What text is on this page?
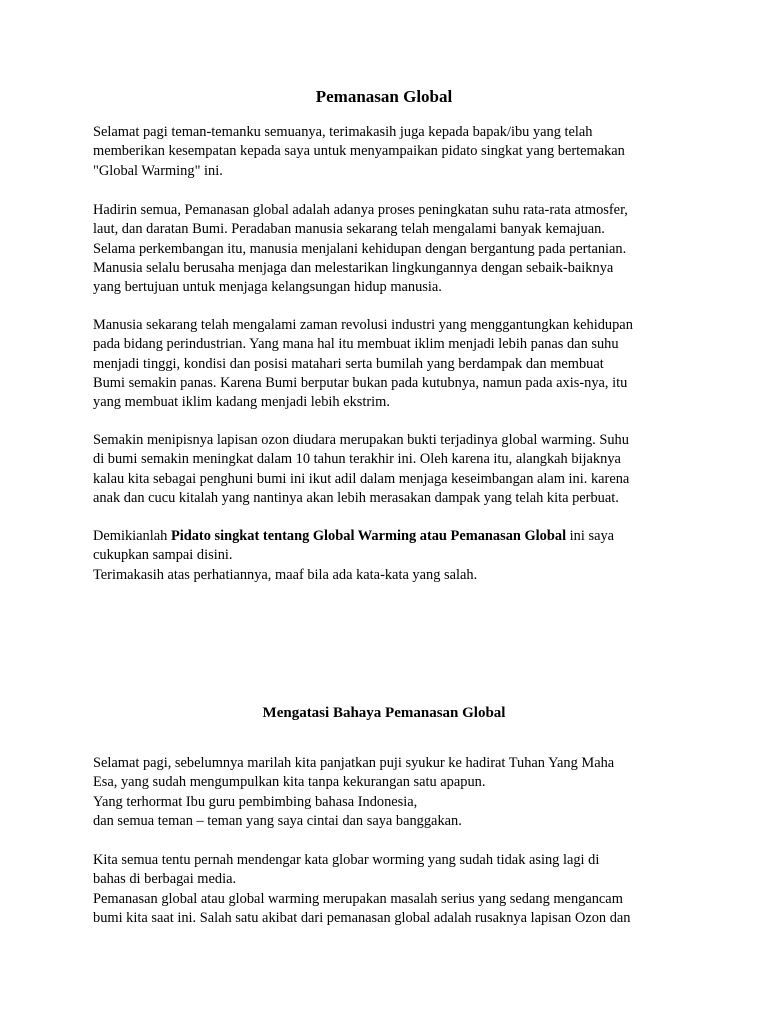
Pemanasan Global

Selamat pagi teman-temanku semuanya, terimakasih juga kepada bapak/ibu yang telah
memberikan kesempatan kepada saya untuk menyampaikan pidato singkat yang bertemakan
"Global Warming" ini.

Hadirin semua, Pemanasan global adalah adanya proses peningkatan suhu rata-rata atmosfer,
laut, dan daratan Bumi. Peradaban manusia sekarang telah mengalami banyak kemajuan.
Selama perkembangan itu, manusia menjalani kehidupan dengan bergantung pada pertanian.
Manusia selalu berusaha menjaga dan melestarikan lingkungannya dengan sebaik-baiknya
yang bertujuan untuk menjaga kelangsungan hidup manusia.

Manusia sekarang telah mengalami zaman revolusi industri yang menggantungkan kehidupan
pada bidang perindustrian. Yang mana hal itu membuat iklim menjadi lebih panas dan suhu
menjadi tinggi, kondisi dan posisi matahari serta bumilah yang berdampak dan membuat
Bumi semakin panas. Karena Bumi berputar bukan pada kutubnya, namun pada axis-nya, itu
yang membuat iklim kadang menjadi lebih ekstrim.

Semakin menipisnya lapisan ozon diudara merupakan bukti terjadinya global warming. Suhu
di bumi semakin meningkat dalam 10 tahun terakhir ini. Oleh karena itu, alangkah bijaknya
kalau kita sebagai penghuni bumi ini ikut adil dalam menjaga keseimbangan alam ini. karena
anak dan cucu kitalah yang nantinya akan lebih merasakan dampak yang telah kita perbuat.

Demikianlah Pidato singkat tentang Global Warming atau Pemanasan Global ini saya
cukupkan sampai disini.
Terimakasih atas perhatiannya, maaf bila ada kata-kata yang salah.

Mengatasi Bahaya Pemanasan Global

Selamat pagi, sebelumnya marilah kita panjatkan puji syukur ke hadirat Tuhan Yang Maha
Esa, yang sudah mengumpulkan kita tanpa kekurangan satu apapun.
Yang terhormat Ibu guru pembimbing bahasa Indonesia,
dan semua teman – teman yang saya cintai dan saya banggakan.

Kita semua tentu pernah mendengar kata globar worming yang sudah tidak asing lagi di
bahas di berbagai media.
Pemanasan global atau global warming merupakan masalah serius yang sedang mengancam
bumi kita saat ini. Salah satu akibat dari pemanasan global adalah rusaknya lapisan Ozon dan
